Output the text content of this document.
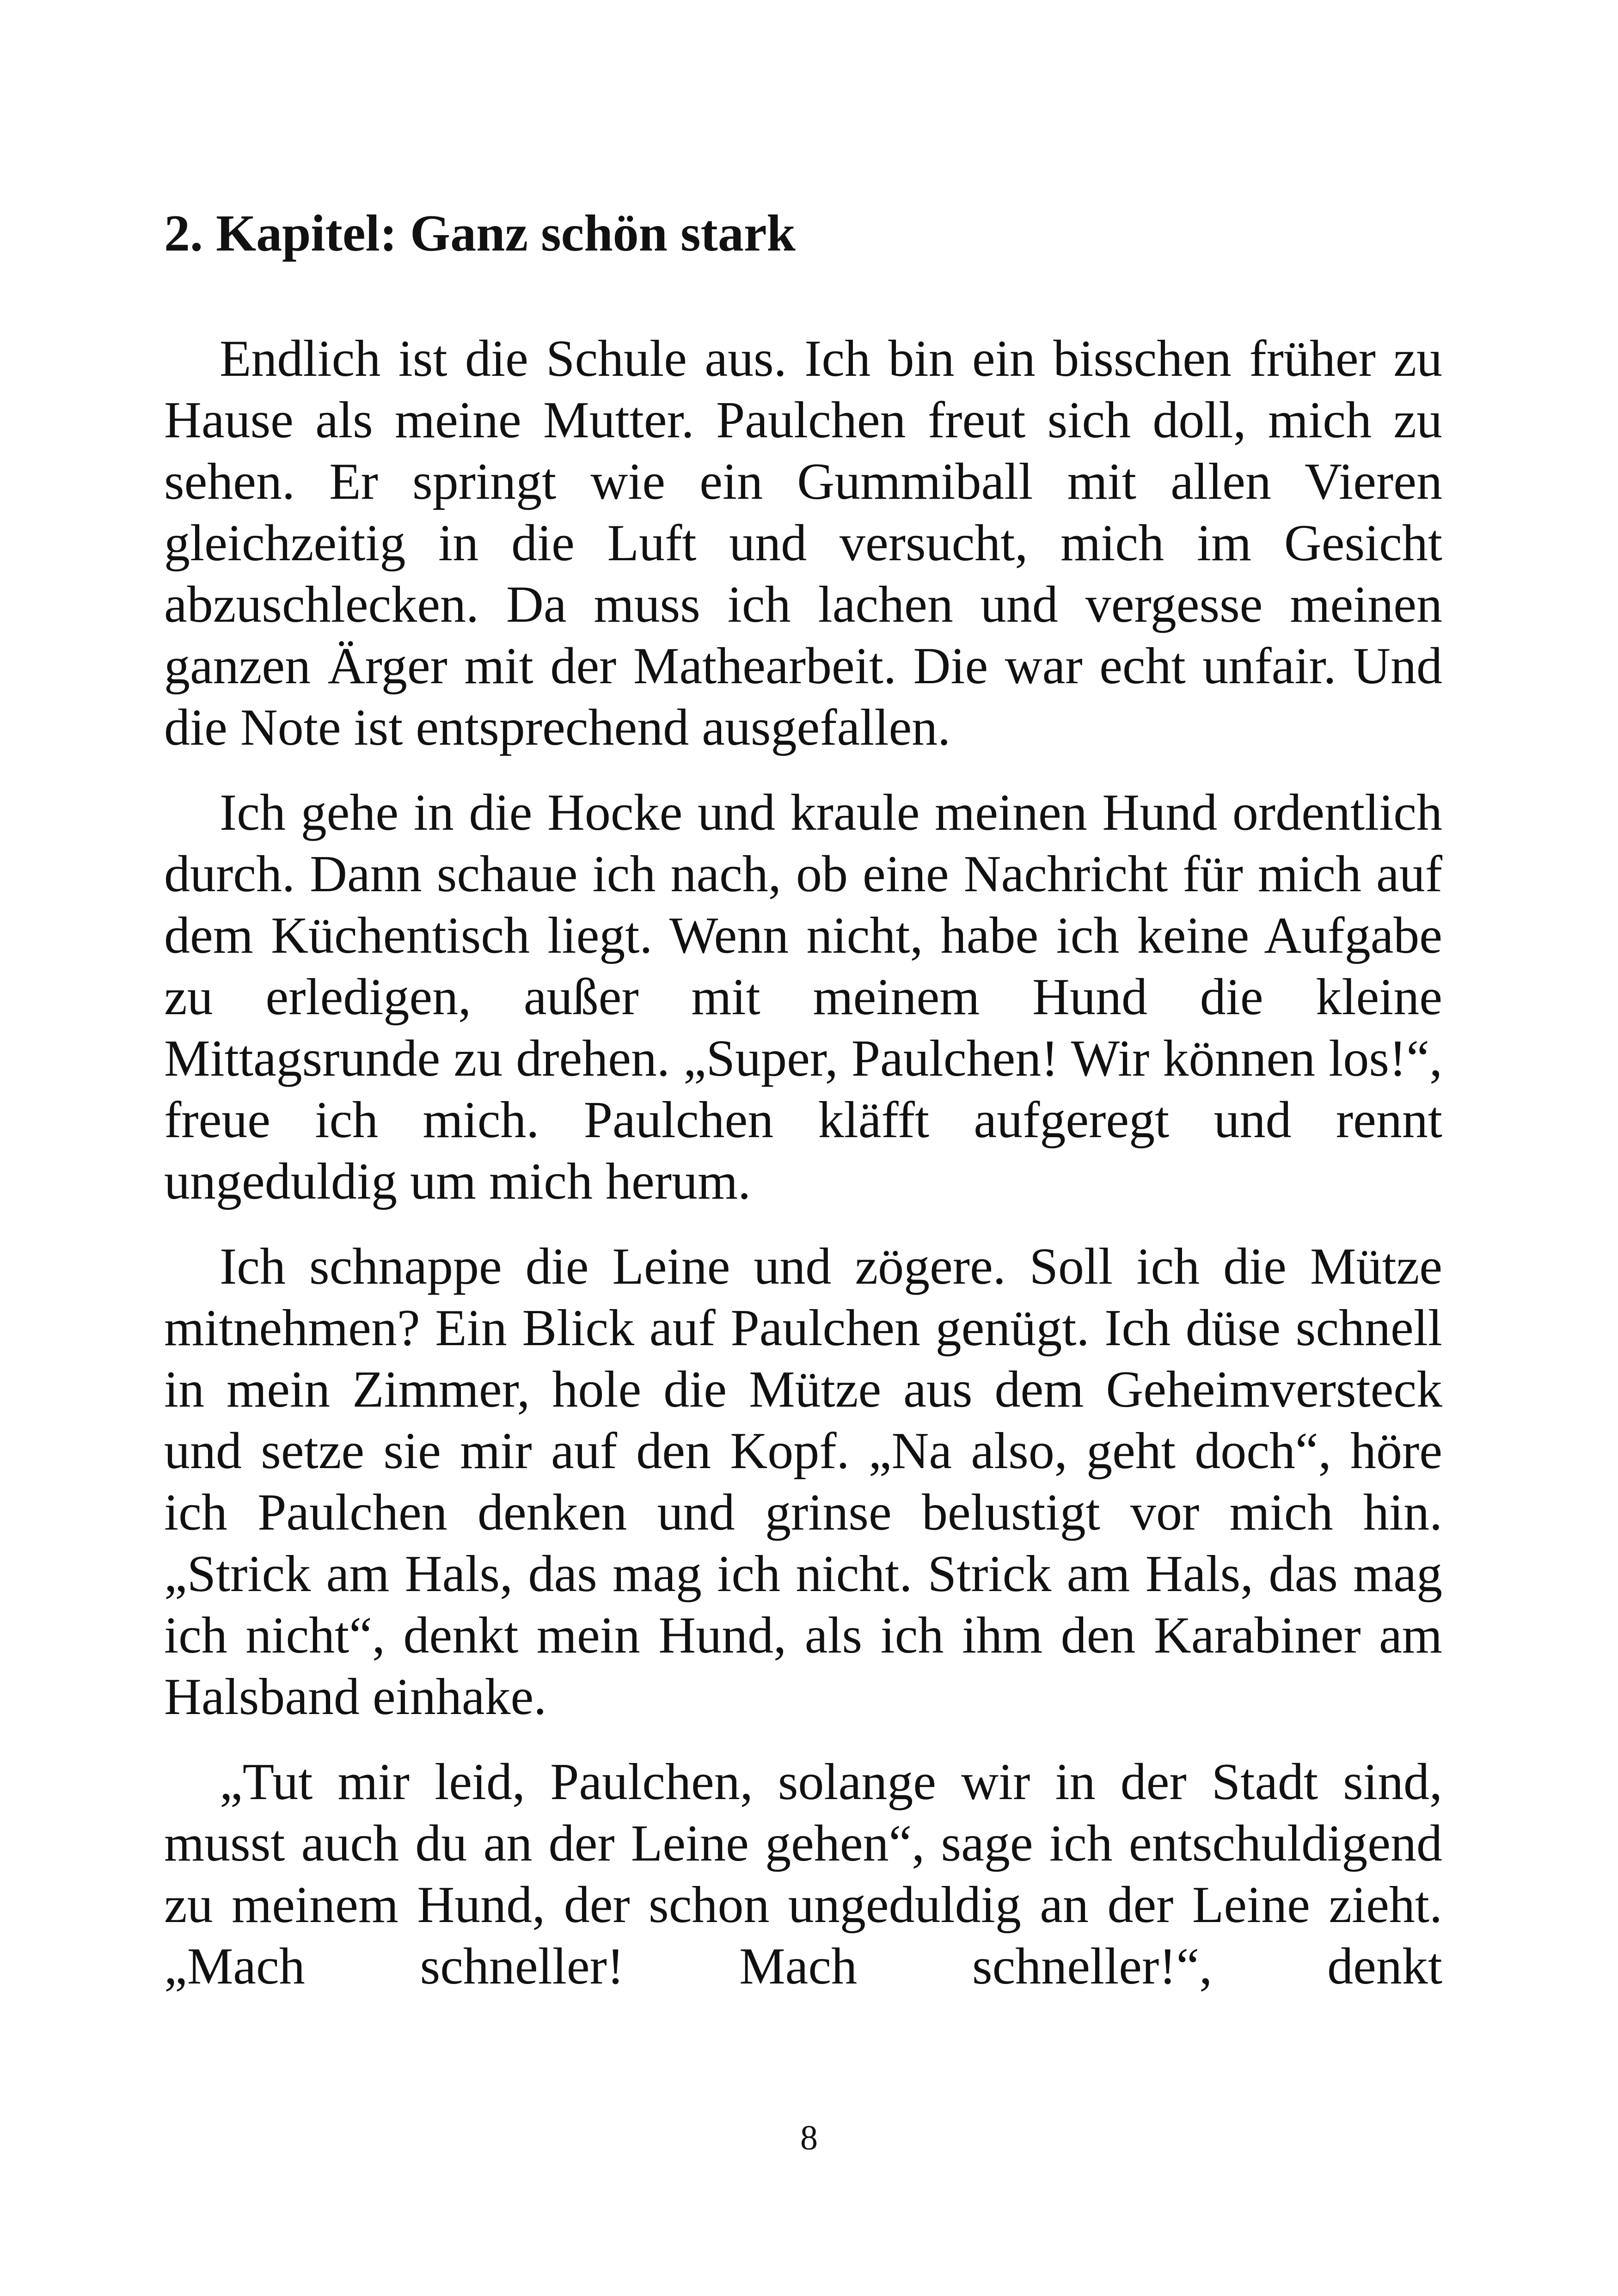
2. Kapitel: Ganz schön stark

Endlich ist die Schule aus. Ich bin ein bisschen früher zu Hause als meine Mutter. Paulchen freut sich doll, mich zu sehen. Er springt wie ein Gummiball mit allen Vieren gleichzeitig in die Luft und versucht, mich im Gesicht abzuschlecken. Da muss ich lachen und vergesse meinen ganzen Ärger mit der Mathearbeit. Die war echt unfair. Und die Note ist entsprechend ausgefallen.

Ich gehe in die Hocke und kraule meinen Hund ordentlich durch. Dann schaue ich nach, ob eine Nachricht für mich auf dem Küchentisch liegt. Wenn nicht, habe ich keine Aufgabe zu erledigen, außer mit meinem Hund die kleine Mittagsrunde zu drehen. „Super, Paulchen! Wir können los!“, freue ich mich. Paulchen kläfft aufgeregt und rennt ungeduldig um mich herum.

Ich schnappe die Leine und zögere. Soll ich die Mütze mitnehmen? Ein Blick auf Paulchen genügt. Ich düse schnell in mein Zimmer, hole die Mütze aus dem Geheimversteck und setze sie mir auf den Kopf. „Na also, geht doch“, höre ich Paulchen denken und grinse belustigt vor mich hin. „Strick am Hals, das mag ich nicht. Strick am Hals, das mag ich nicht“, denkt mein Hund, als ich ihm den Karabiner am Halsband einhake.

„Tut mir leid, Paulchen, solange wir in der Stadt sind, musst auch du an der Leine gehen“, sage ich entschuldigend zu meinem Hund, der schon ungeduldig an der Leine zieht. „Mach schneller! Mach schneller!“, denkt

8
